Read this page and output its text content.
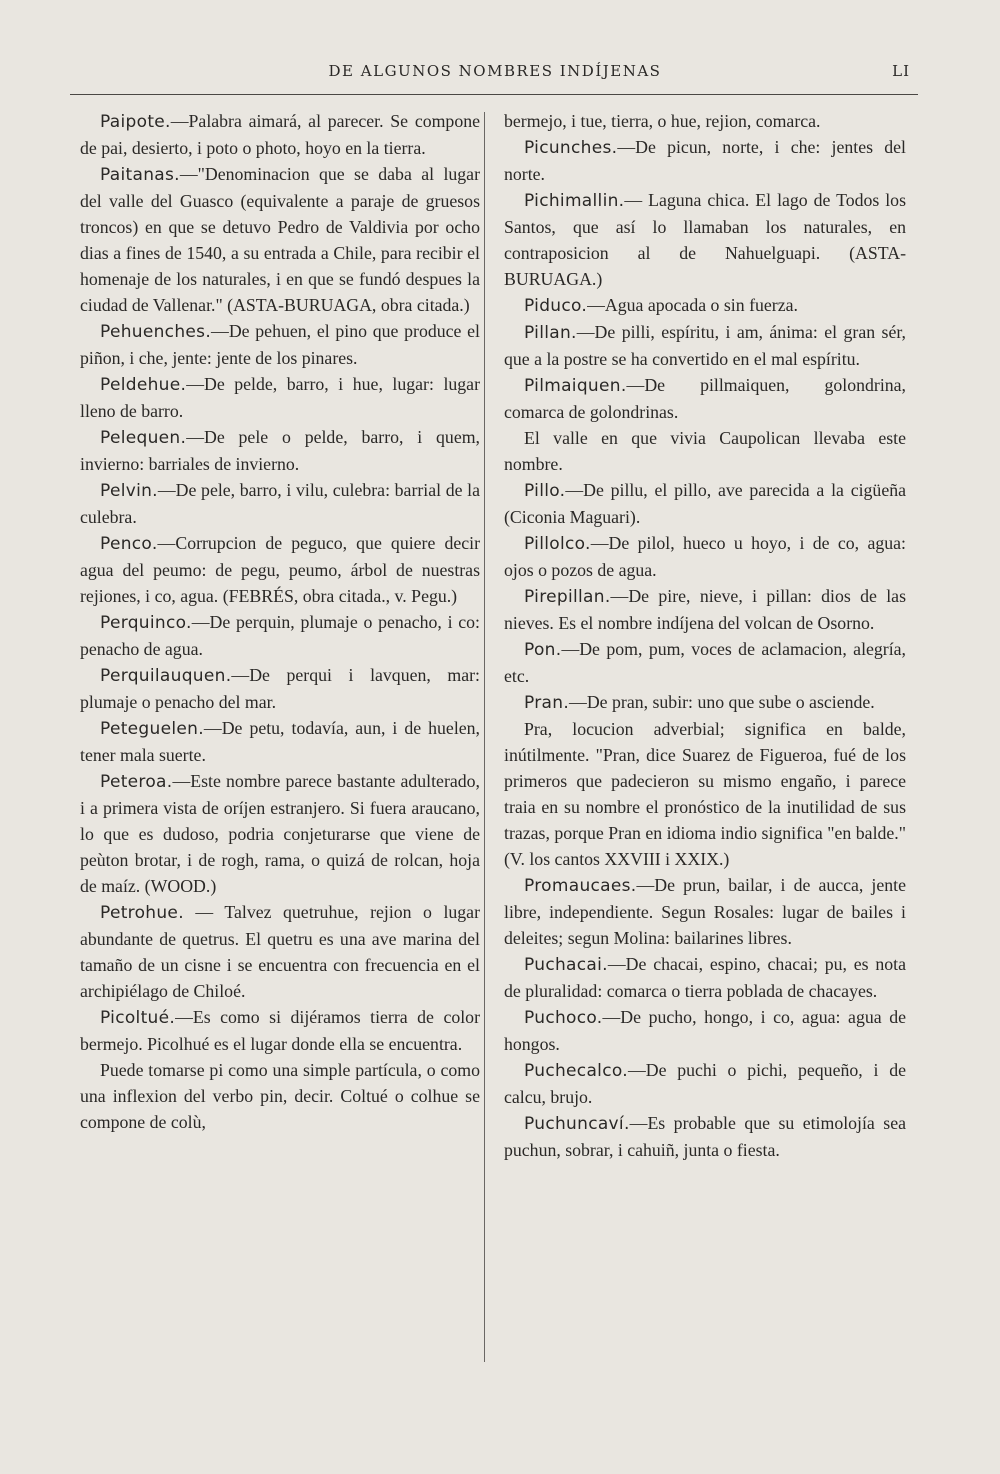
DE ALGUNOS NOMBRES INDÍJENAS	LI

Paipote.—Palabra aimará, al parecer. Se compone de pai, desierto, i poto o photo, hoyo en la tierra.

Paitanas.—"Denominacion que se daba al lugar del valle del Guasco (equivalente a paraje de gruesos troncos) en que se detuvo Pedro de Valdivia por ocho dias a fines de 1540, a su entrada a Chile, para recibir el homenaje de los naturales, i en que se fundó despues la ciudad de Vallenar." (ASTA-BURUAGA, obra citada.)

Pehuenches.—De pehuen, el pino que produce el piñon, i che, jente: jente de los pinares.

Peldehue.—De pelde, barro, i hue, lugar: lugar lleno de barro.

Pelequen.—De pele o pelde, barro, i quem, invierno: barriales de invierno.

Pelvin.—De pele, barro, i vilu, culebra: barrial de la culebra.

Penco.—Corrupcion de peguco, que quiere decir agua del peumo: de pegu, peumo, árbol de nuestras rejiones, i co, agua. (FEBRÉS, obra citada., v. Pegu.)

Perquinco.—De perquin, plumaje o penacho, i co: penacho de agua.

Perquilauquen.—De perqui i lavquen, mar: plumaje o penacho del mar.

Peteguelen.—De petu, todavía, aun, i de huelen, tener mala suerte.

Peteroa.—Este nombre parece bastante adulterado, i a primera vista de oríjen estranjero. Si fuera araucano, lo que es dudoso, podria conjeturarse que viene de peùton brotar, i de rogh, rama, o quizá de rolcan, hoja de maíz. (WOOD.)

Petrohue. — Talvez quetruhue, rejion o lugar abundante de quetrus. El quetru es una ave marina del tamaño de un cisne i se encuentra con frecuencia en el archipiélago de Chiloé.

Picoltué.—Es como si dijéramos tierra de color bermejo. Picolhué es el lugar donde ella se encuentra.

Puede tomarse pi como una simple partícula, o como una inflexion del verbo pin, decir. Coltué o colhue se compone de colù,

bermejo, i tue, tierra, o hue, rejion, comarca.

Picunches.—De picun, norte, i che: jentes del norte.

Pichimallin.— Laguna chica. El lago de Todos los Santos, que así lo llamaban los naturales, en contraposicion al de Nahuelguapi. (ASTA-BURUAGA.)

Piduco.—Agua apocada o sin fuerza.

Pillan.—De pilli, espíritu, i am, ánima: el gran sér, que a la postre se ha convertido en el mal espíritu.

Pilmaiquen.—De pillmaiquen, golondrina, comarca de golondrinas.

El valle en que vivia Caupolican llevaba este nombre.

Pillo.—De pillu, el pillo, ave parecida a la cigüeña (Ciconia Maguari).

Pillolco.—De pilol, hueco u hoyo, i de co, agua: ojos o pozos de agua.

Pirepillan.—De pire, nieve, i pillan: dios de las nieves. Es el nombre indíjena del volcan de Osorno.

Pon.—De pom, pum, voces de aclamacion, alegría, etc.

Pran.—De pran, subir: uno que sube o asciende.

Pra, locucion adverbial; significa en balde, inútilmente. "Pran, dice Suarez de Figueroa, fué de los primeros que padecieron su mismo engaño, i parece traia en su nombre el pronóstico de la inutilidad de sus trazas, porque Pran en idioma indio significa "en balde." (V. los cantos XXVIII i XXIX.)

Promaucaes.—De prun, bailar, i de aucca, jente libre, independiente. Segun Rosales: lugar de bailes i deleites; segun Molina: bailarines libres.

Puchacai.—De chacai, espino, chacai; pu, es nota de pluralidad: comarca o tierra poblada de chacayes.

Puchoco.—De pucho, hongo, i co, agua: agua de hongos.

Puchecalco.—De puchi o pichi, pequeño, i de calcu, brujo.

Puchuncaví.—Es probable que su etimolojía sea puchun, sobrar, i cahuiñ, junta o fiesta.
